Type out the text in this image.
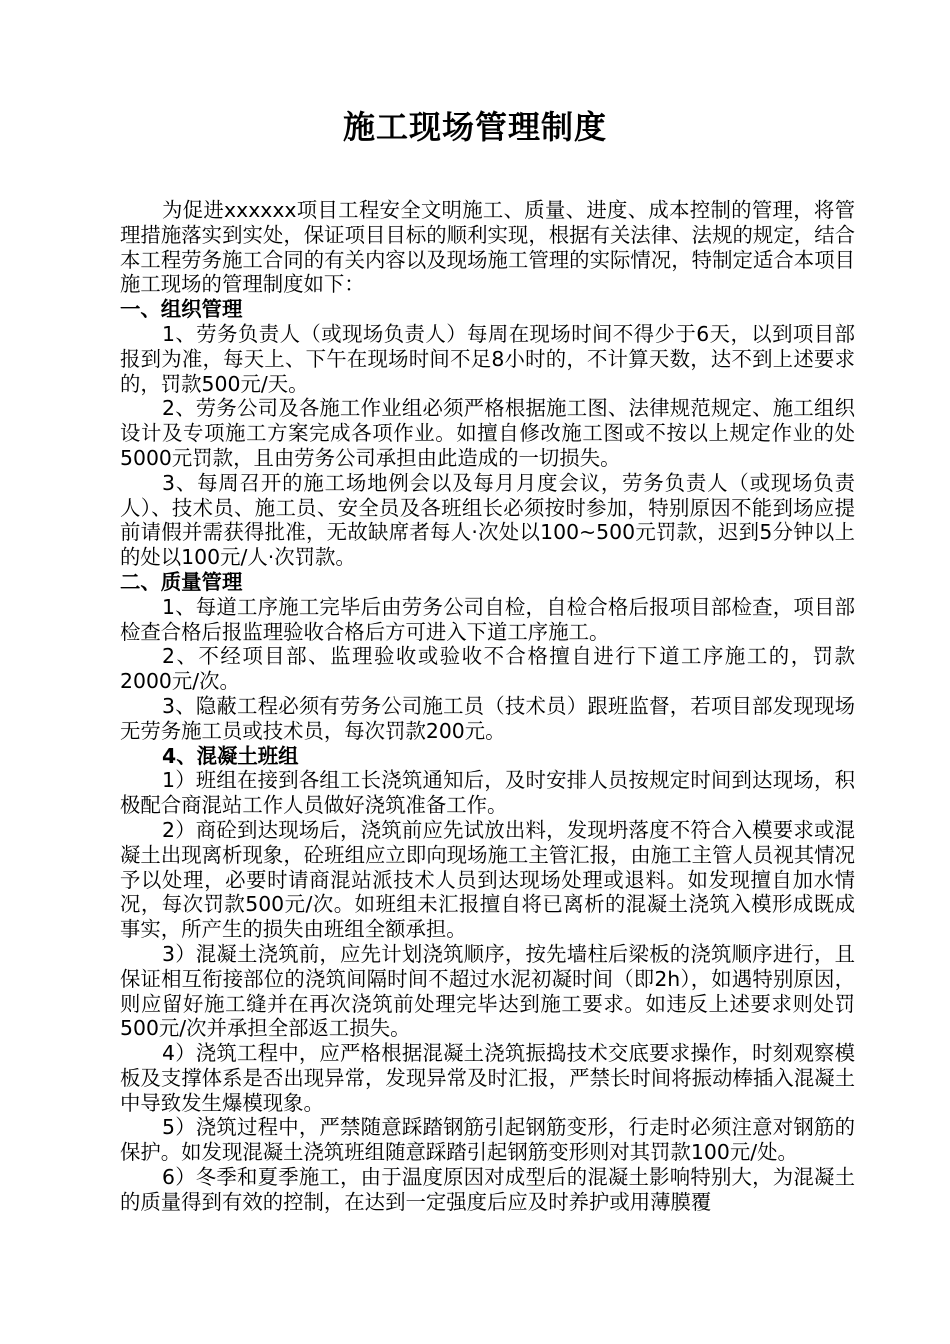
施工现场管理制度

为促进xxxxxx项目工程安全文明施工、质量、进度、成本控制的管理，将管理措施落实到实处，保证项目目标的顺利实现，根据有关法律、法规的规定，结合本工程劳务施工合同的有关内容以及现场施工管理的实际情况，特制定适合本项目施工现场的管理制度如下：

一、组织管理

1、劳务负责人（或现场负责人）每周在现场时间不得少于6天，以到项目部报到为准，每天上、下午在现场时间不足8小时的，不计算天数，达不到上述要求的，罚款500元/天。

2、劳务公司及各施工作业组必须严格根据施工图、法律规范规定、施工组织设计及专项施工方案完成各项作业。如擅自修改施工图或不按以上规定作业的处5000元罚款，且由劳务公司承担由此造成的一切损失。

3、每周召开的施工场地例会以及每月月度会议，劳务负责人（或现场负责人）、技术员、施工员、安全员及各班组长必须按时参加，特别原因不能到场应提前请假并需获得批准，无故缺席者每人·次处以100~500元罚款，迟到5分钟以上的处以100元/人·次罚款。

二、质量管理

1、每道工序施工完毕后由劳务公司自检，自检合格后报项目部检查，项目部检查合格后报监理验收合格后方可进入下道工序施工。

2、不经项目部、监理验收或验收不合格擅自进行下道工序施工的，罚款2000元/次。

3、隐蔽工程必须有劳务公司施工员（技术员）跟班监督，若项目部发现现场无劳务施工员或技术员，每次罚款200元。

4、混凝土班组

1）班组在接到各组工长浇筑通知后，及时安排人员按规定时间到达现场，积极配合商混站工作人员做好浇筑准备工作。

2）商砼到达现场后，浇筑前应先试放出料，发现坍落度不符合入模要求或混凝土出现离析现象，砼班组应立即向现场施工主管汇报，由施工主管人员视其情况予以处理，必要时请商混站派技术人员到达现场处理或退料。如发现擅自加水情况，每次罚款500元/次。如班组未汇报擅自将已离析的混凝土浇筑入模形成既成事实，所产生的损失由班组全额承担。

3）混凝土浇筑前，应先计划浇筑顺序，按先墙柱后梁板的浇筑顺序进行，且保证相互衔接部位的浇筑间隔时间不超过水泥初凝时间（即2h），如遇特别原因，则应留好施工缝并在再次浇筑前处理完毕达到施工要求。如违反上述要求则处罚500元/次并承担全部返工损失。

4）浇筑工程中，应严格根据混凝土浇筑振捣技术交底要求操作，时刻观察模板及支撑体系是否出现异常，发现异常及时汇报，严禁长时间将振动棒插入混凝土中导致发生爆模现象。

5）浇筑过程中，严禁随意踩踏钢筋引起钢筋变形，行走时必须注意对钢筋的保护。如发现混凝土浇筑班组随意踩踏引起钢筋变形则对其罚款100元/处。

6）冬季和夏季施工，由于温度原因对成型后的混凝土影响特别大，为混凝土的质量得到有效的控制，在达到一定强度后应及时养护或用薄膜覆
